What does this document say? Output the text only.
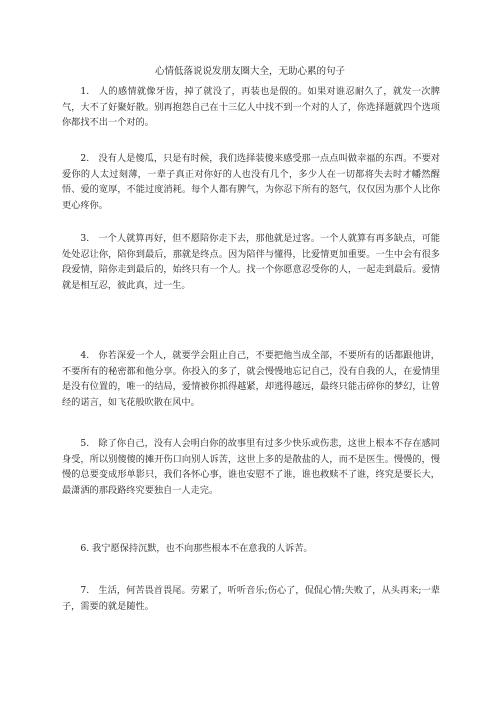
心情低落说说发朋友圈大全，无助心累的句子

1.　人的感情就像牙齿，掉了就没了，再装也是假的。如果对谁忍耐久了，就发一次脾气，大不了好聚好散。别再抱怨自己在十三亿人中找不到一个对的人了，你选择题就四个选项你都找不出一个对的。

2.　没有人是傻瓜，只是有时候，我们选择装傻来感受那一点点叫做幸福的东西。不要对爱你的人太过刻薄，一辈子真正对你好的人也没有几个，多少人在一切都将失去时才幡然醒悟、爱的宽厚，不能过度消耗。每个人都有脾气，为你忍下所有的怒气，仅仅因为那个人比你更心疼你。

3.　一个人就算再好，但不愿陪你走下去，那他就是过客。一个人就算有再多缺点，可能处处忍让你，陪你到最后，那就是终点。因为陪伴与懂得，比爱情更加重要。一生中会有很多段爱情，陪你走到最后的，始终只有一个人。找一个你愿意忍受你的人，一起走到最后。爱情就是相互忍，彼此真，过一生。

4.　你若深爱一个人，就要学会阻止自己，不要把他当成全部，不要所有的话都跟他讲，不要所有的秘密都和他分享。你投入的多了，就会慢慢地忘记自己，没有自我的人，在爱情里是没有位置的，唯一的结局，爱情被你抓得越紧，却逃得越远，最终只能击碎你的梦幻，让曾经的诺言，如飞花般吹散在风中。

5.　除了你自己，没有人会明白你的故事里有过多少快乐或伤悲，这世上根本不存在感同身受，所以别傻傻的摊开伤口向别人诉苦，这世上多的是散盐的人，而不是医生。慢慢的，慢慢的总要变成形单影只，我们各怀心事，谁也安慰不了谁，谁也救赎不了谁，终究是要长大，最潇洒的那段路终究要独自一人走完。

6. 我宁愿保持沉默，也不向那些根本不在意我的人诉苦。

7.　生活，何苦畏首畏尾。劳累了，听听音乐;伤心了，侃侃心情;失败了，从头再来;一辈子，需要的就是随性。
